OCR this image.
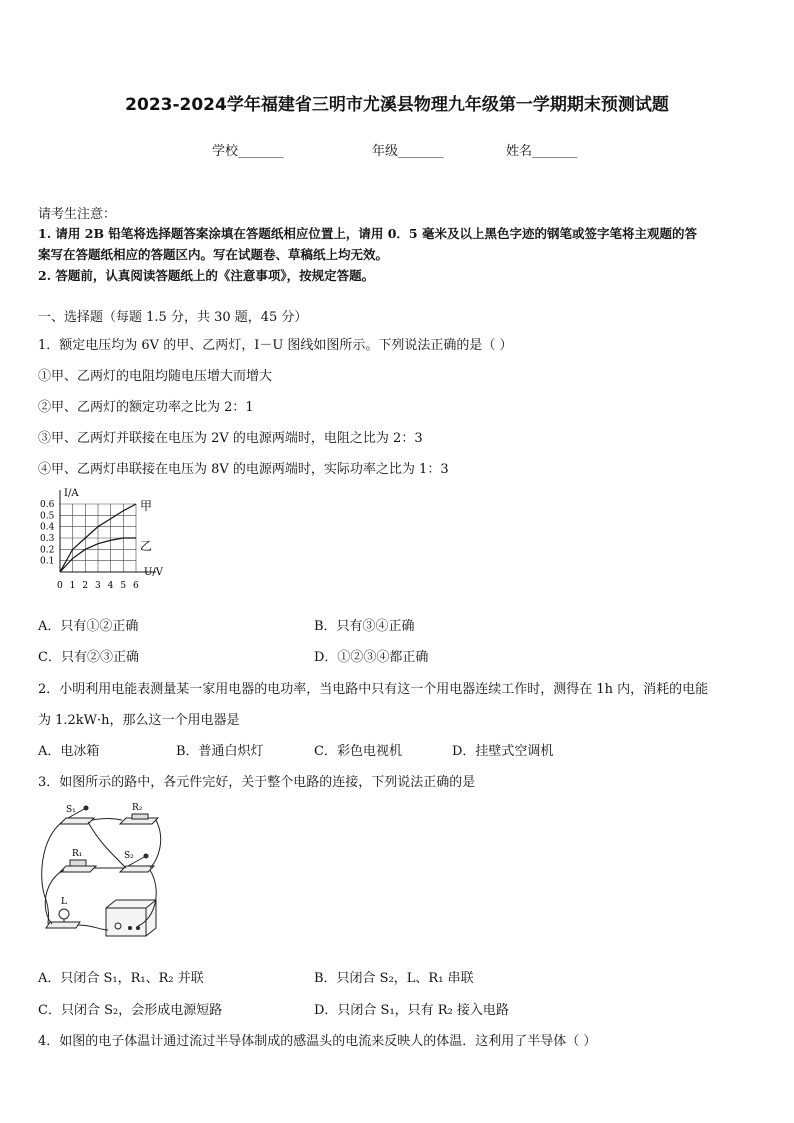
2023-2024学年福建省三明市尤溪县物理九年级第一学期期末预测试题
学校_______	年级_______	姓名_______
请考生注意：
1. 请用 2B 铅笔将选择题答案涂填在答题纸相应位置上，请用 0．5 毫米及以上黑色字迹的钢笔或签字笔将主观题的答
案写在答题纸相应的答题区内。写在试题卷、草稿纸上均无效。
2. 答题前，认真阅读答题纸上的《注意事项》，按规定答题。
一、选择题（每题 1.5 分，共 30 题，45 分）
1．额定电压均为 6V 的甲、乙两灯，I－U 图线如图所示。下列说法正确的是（ ）
①甲、乙两灯的电阻均随电压增大而增大
②甲、乙两灯的额定功率之比为 2：1
③甲、乙两灯并联接在电压为 2V 的电源两端时，电阻之比为 2：3
④甲、乙两灯串联接在电压为 8V 的电源两端时，实际功率之比为 1：3
0.6
0.5
0.4
0.3
0.2
0.1
0 1 2 3 4 5 6
I/A
U/V
甲
乙
A．只有①②正确	B．只有③④正确
C．只有②③正确	D．①②③④都正确
2．小明利用电能表测量某一家用电器的电功率，当电路中只有这一个用电器连续工作时，测得在 1h 内，消耗的电能
为 1.2kW·h，那么这一个用电器是
A．电冰箱	B．普通白炽灯	C．彩色电视机	D．挂壁式空调机
3．如图所示的路中，各元件完好，关于整个电路的连接，下列说法正确的是
S₁	R₂
R₁	S₂
L
A．只闭合 S₁，R₁、R₂ 并联	B．只闭合 S₂，L、R₁ 串联
C．只闭合 S₂，会形成电源短路	D．只闭合 S₁，只有 R₂ 接入电路
4．如图的电子体温计通过流过半导体制成的感温头的电流来反映人的体温．这利用了半导体（ ）
